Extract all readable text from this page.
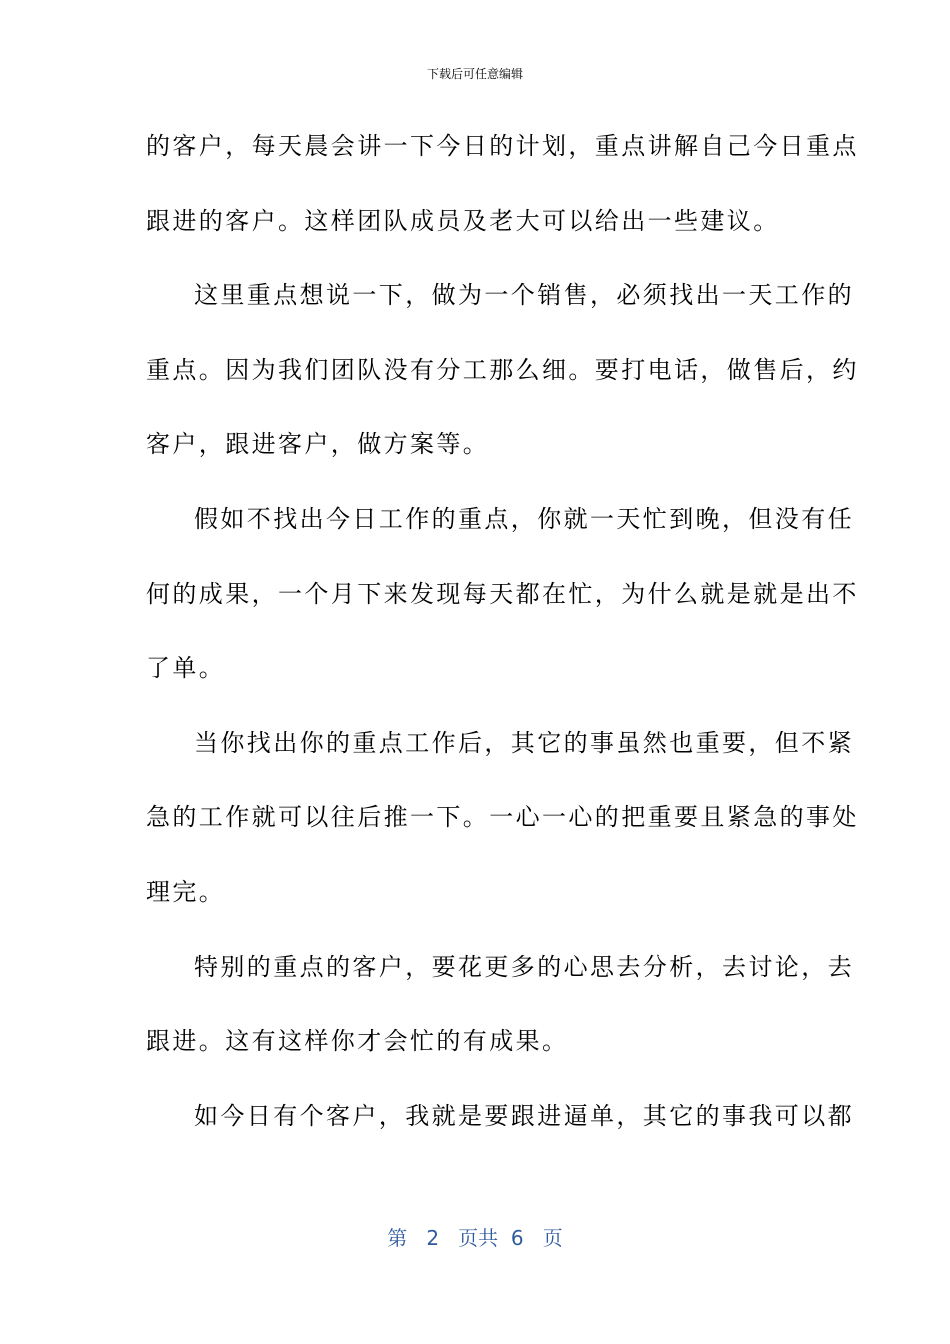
下载后可任意编辑
的客户，每天晨会讲一下今日的计划，重点讲解自己今日重点
跟进的客户。这样团队成员及老大可以给出一些建议。
这里重点想说一下，做为一个销售，必须找出一天工作的
重点。因为我们团队没有分工那么细。要打电话，做售后，约
客户，跟进客户，做方案等。
假如不找出今日工作的重点，你就一天忙到晚，但没有任
何的成果，一个月下来发现每天都在忙，为什么就是就是出不
了单。
当你找出你的重点工作后，其它的事虽然也重要，但不紧
急的工作就可以往后推一下。一心一心的把重要且紧急的事处
理完。
特别的重点的客户，要花更多的心思去分析，去讨论，去
跟进。这有这样你才会忙的有成果。
如今日有个客户，我就是要跟进逼单，其它的事我可以都
第 2 页共 6 页
